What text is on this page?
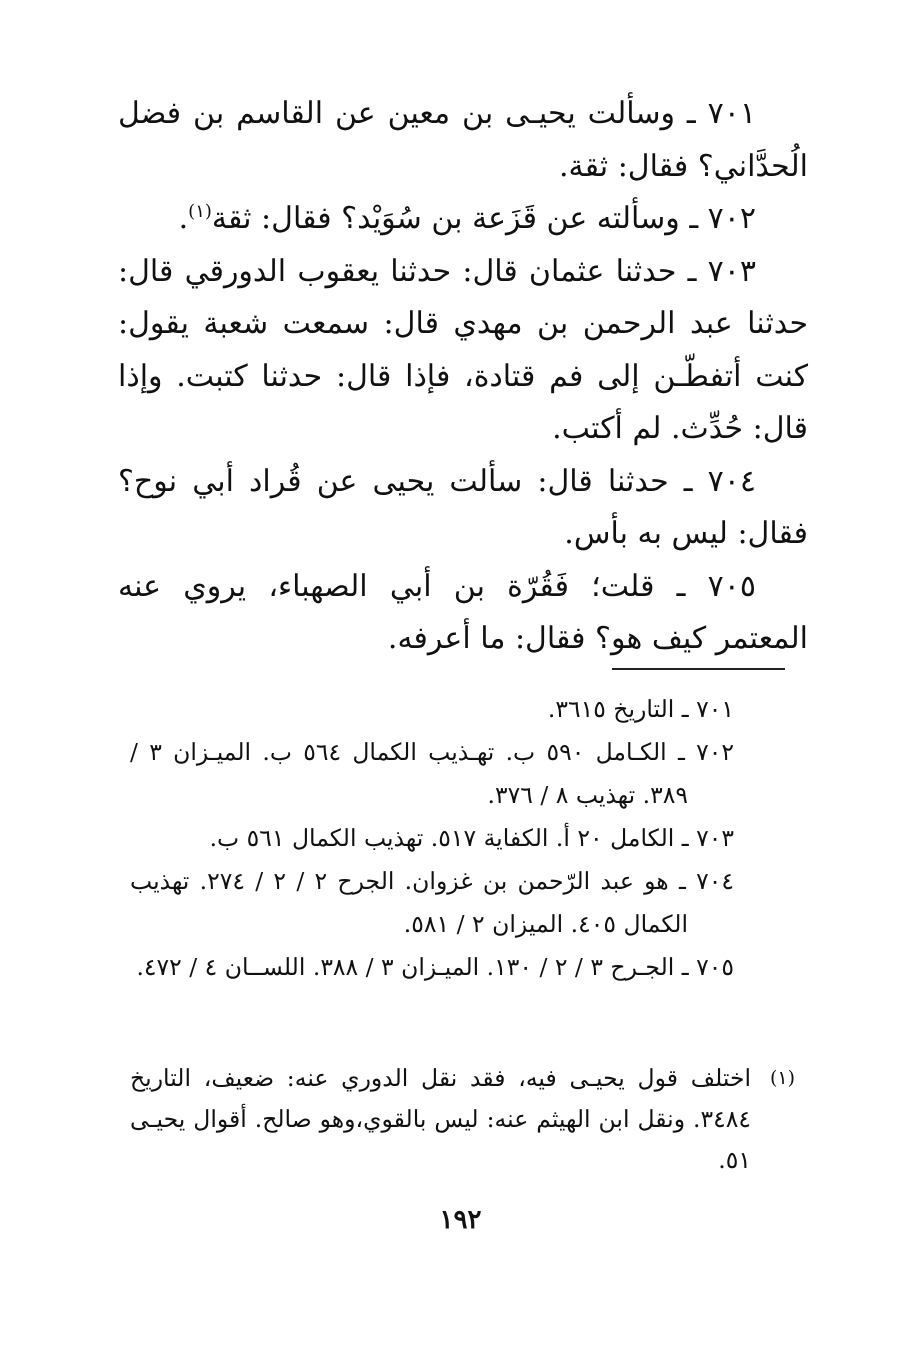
٧٠١ ـ وسألت يحيـى بن معين عن القاسم بن فضل الُحدَّاني؟ فقال: ثقة.

٧٠٢ ـ وسألته عن قَزَعة بن سُوَيْد؟ فقال: ثقة$^{(١)}$.

٧٠٣ ـ حدثنا عثمان قال: حدثنا يعقوب الدورقي قال: حدثنا عبد الرحمن بن مهدي قال: سمعت شعبة يقول: كنت أتفطّـن إلى فم قتادة، فإذا قال: حدثنا كتبت. وإذا قال: حُدِّث. لم أكتب.

٧٠٤ ـ حدثنا قال: سألت يحيى عن قُراد أبي نوح؟ فقال: ليس به بأس.

٧٠٥ ـ قلت؛ فَقُرّة بن أبي الصهباء، يروي عنه المعتمر كيف هو؟ فقال: ما أعرفه.

٧٠١ ـ التاريخ ٣٦١٥.

٧٠٢ ـ الكـامل ٥٩٠ ب. تهـذيب الكمال ٥٦٤ ب. الميـزان ٣ / ٣٨٩. تهذيب ٨ / ٣٧٦.

٧٠٣ ـ الكامل ٢٠ أ. الكفاية ٥١٧. تهذيب الكمال ٥٦١ ب.

٧٠٤ ـ هو عبد الرّحمن بن غزوان. الجرح ٢ / ٢ / ٢٧٤. تهذيب الكمال ٤٠٥. الميزان ٢ / ٥٨١.

٧٠٥ ـ الجـرح ٣ / ٢ / ١٣٠. الميـزان ٣ / ٣٨٨. اللســان ٤ / ٤٧٢.

(١)

اختلف قول يحيـى فيه، فقد نقل الدوري عنه: ضعيف، التاريخ ٣٤٨٤. ونقل ابن الهيثم عنه: ليس بالقوي،وهو صالح. أقوال يحيـى ٥١.

١٩٢
